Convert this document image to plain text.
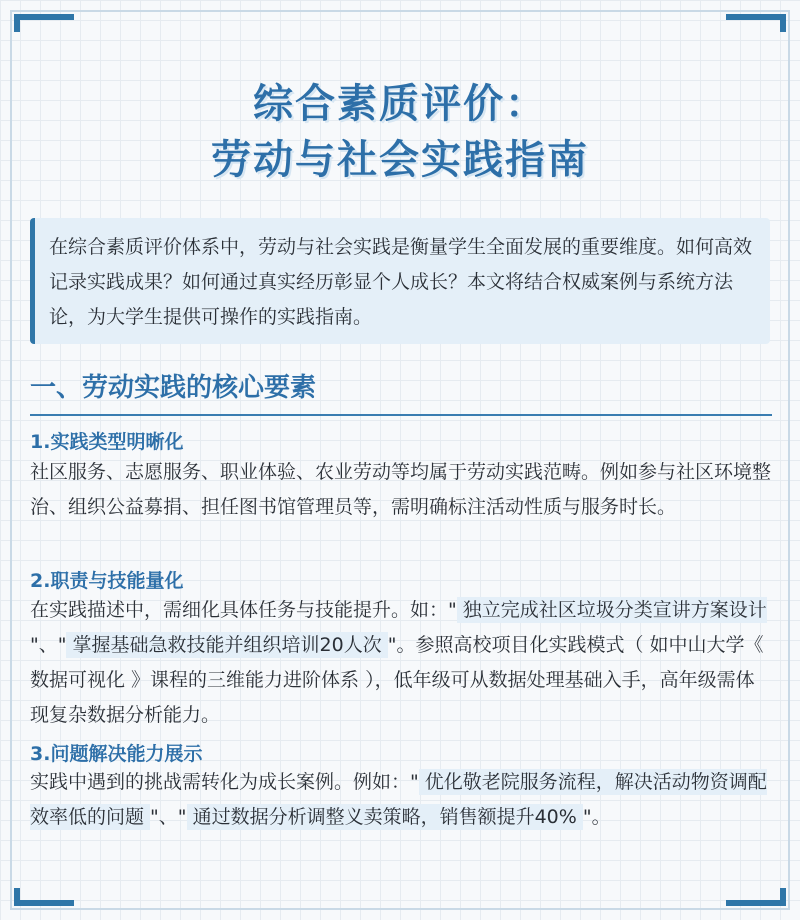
综合素质评价：
劳动与社会实践指南
在综合素质评价体系中，劳动与社会实践是衡量学生全面发展的重要维度。如何高效记录实践成果？如何通过真实经历彰显个人成长？本文将结合权威案例与系统方法论，为大学生提供可操作的实践指南。
一、劳动实践的核心要素
1.实践类型明晰化
社区服务、志愿服务、职业体验、农业劳动等均属于劳动实践范畴。例如参与社区环境整治、组织公益募捐、担任图书馆管理员等，需明确标注活动性质与服务时长。
2.职责与技能量化
在实践描述中，需细化具体任务与技能提升。如：" 独立完成社区垃圾分类宣讲方案设计 "、" 掌握基础急救技能并组织培训20人次 "。参照高校项目化实践模式（ 如中山大学《 数据可视化 》课程的三维能力进阶体系 ），低年级可从数据处理基础入手，高年级需体现复杂数据分析能力。
3.问题解决能力展示
实践中遇到的挑战需转化为成长案例。例如：" 优化敬老院服务流程，解决活动物资调配效率低的问题 "、" 通过数据分析调整义卖策略，销售额提升40% "。
